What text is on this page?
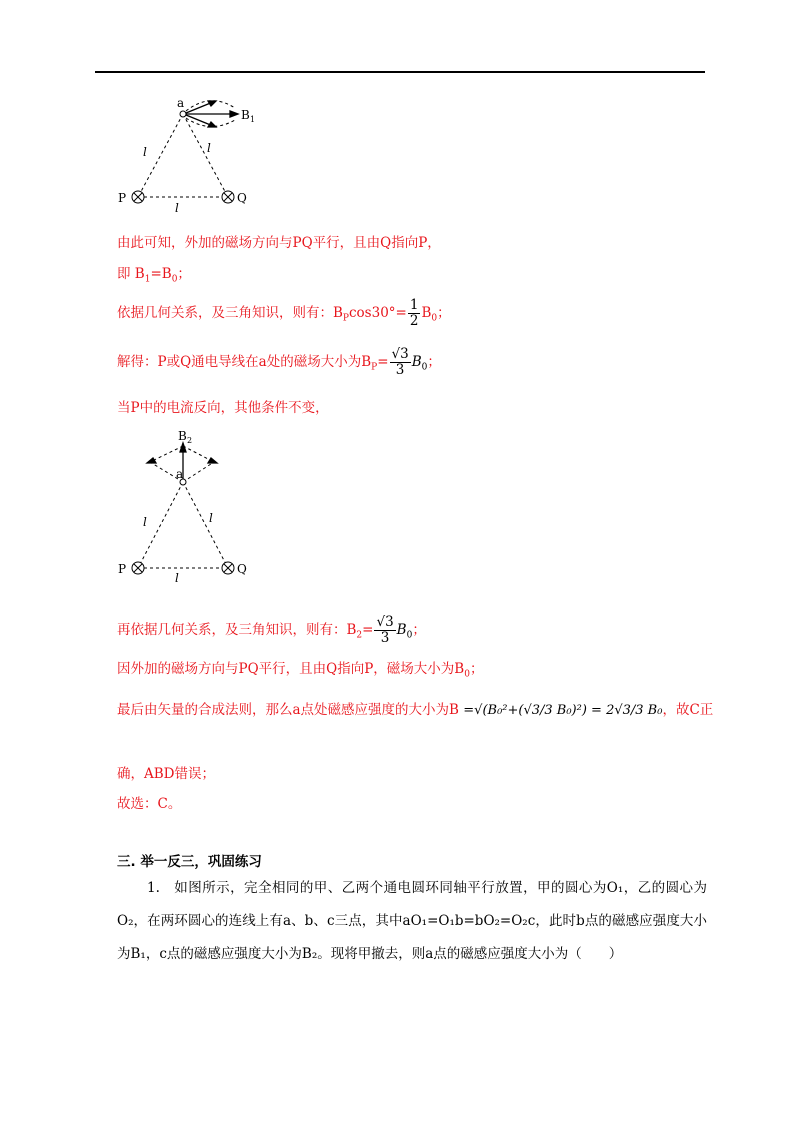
a
B 1
l	l
l
P	Q
由此可知，外加的磁场方向与PQ平行，且由Q指向P，
即 $B_1=B_0$；
依据几何关系，及三角知识，则有：$B_P\cos 30^\circ= \frac{1}{2} B_0$；
解得：P或Q通电导线在a处的磁场大小为$B_P= \frac{√3}{3} B_0$；
当P中的电流反向，其他条件不变，
B 2
a
l	l
l
P	Q
再依据几何关系，及三角知识，则有：$B_2= \frac{√3}{3} B_0$；
因外加的磁场方向与PQ平行，且由Q指向P，磁场大小为$B_0$；
最后由矢量的合成法则，那么a点处磁感应强度的大小为B =√(B₀²+(√3/3 B₀)²) = 2√3/3 B₀，故C正
确，ABD错误；
故选：C。
三. 举一反三，巩固练习
1.　如图所示，完全相同的甲、乙两个通电圆环同轴平行放置，甲的圆心为O₁，乙的圆心为O₂，在两环圆心的连线上有a、b、c三点，其中aO₁=O₁b=bO₂=O₂c，此时b点的磁感应强度大小为B₁，c点的磁感应强度大小为B₂。现将甲撤去，则a点的磁感应强度大小为（　　）
